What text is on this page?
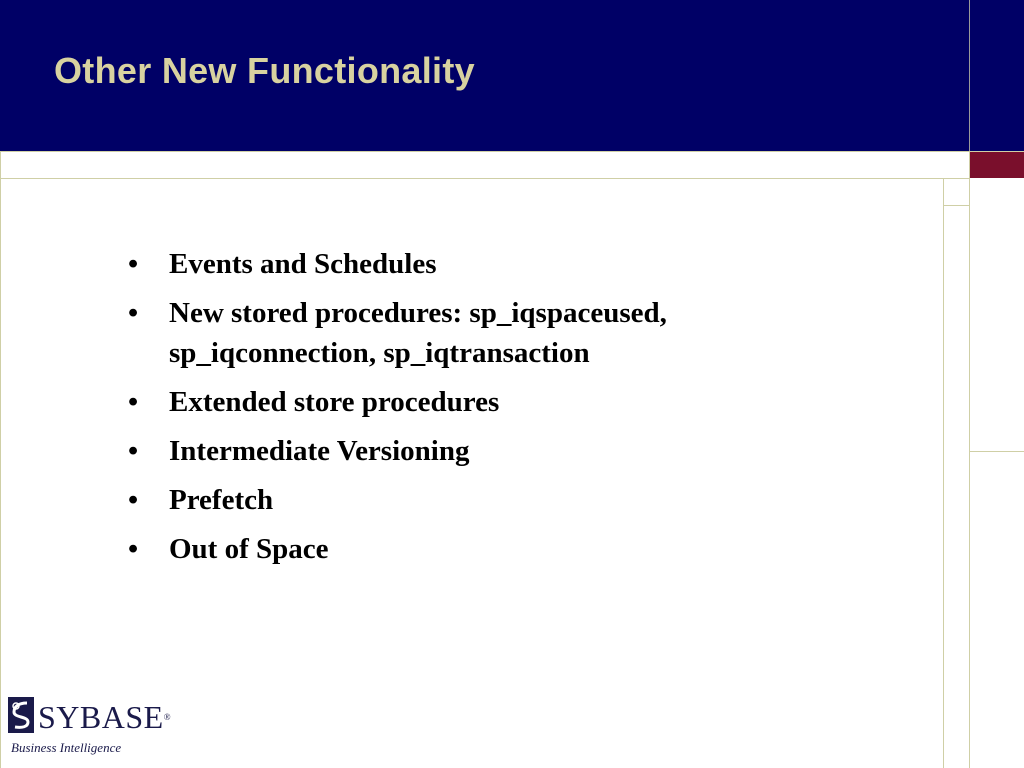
Other New Functionality
• Events and Schedules
• New stored procedures: sp_iqspaceused, sp_iqconnection, sp_iqtransaction
• Extended store procedures
• Intermediate Versioning
• Prefetch
• Out of Space
SYBASE®
Business Intelligence
